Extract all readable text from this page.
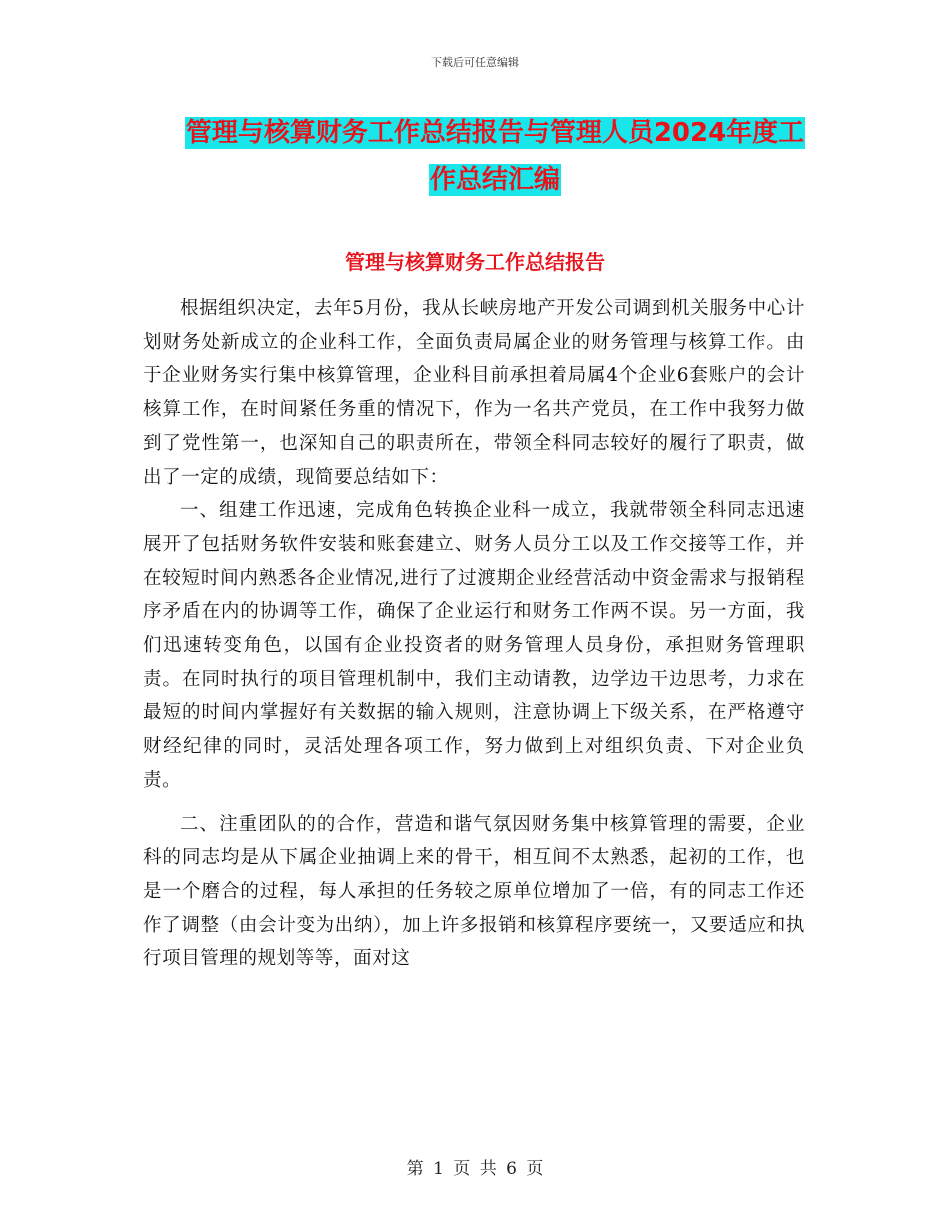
下载后可任意编辑
管理与核算财务工作总结报告与管理人员2024年度工
作总结汇编
管理与核算财务工作总结报告

根据组织决定，去年5月份，我从长峡房地产开发公司调到机关服务中心计划财务处新成立的企业科工作，全面负责局属企业的财务管理与核算工作。由于企业财务实行集中核算管理，企业科目前承担着局属4个企业6套账户的会计核算工作，在时间紧任务重的情况下，作为一名共产党员，在工作中我努力做到了党性第一，也深知自己的职责所在，带领全科同志较好的履行了职责，做出了一定的成绩，现简要总结如下：

一、组建工作迅速，完成角色转换企业科一成立，我就带领全科同志迅速展开了包括财务软件安装和账套建立、财务人员分工以及工作交接等工作，并在较短时间内熟悉各企业情况,进行了过渡期企业经营活动中资金需求与报销程序矛盾在内的协调等工作，确保了企业运行和财务工作两不误。另一方面，我们迅速转变角色，以国有企业投资者的财务管理人员身份，承担财务管理职责。在同时执行的项目管理机制中，我们主动请教，边学边干边思考，力求在最短的时间内掌握好有关数据的输入规则，注意协调上下级关系，在严格遵守财经纪律的同时，灵活处理各项工作，努力做到上对组织负责、下对企业负责。

二、注重团队的的合作，营造和谐气氛因财务集中核算管理的需要，企业科的同志均是从下属企业抽调上来的骨干，相互间不太熟悉，起初的工作，也是一个磨合的过程，每人承担的任务较之原单位增加了一倍，有的同志工作还作了调整（由会计变为出纳），加上许多报销和核算程序要统一，又要适应和执行项目管理的规划等等，面对这

第 1 页 共 6 页
